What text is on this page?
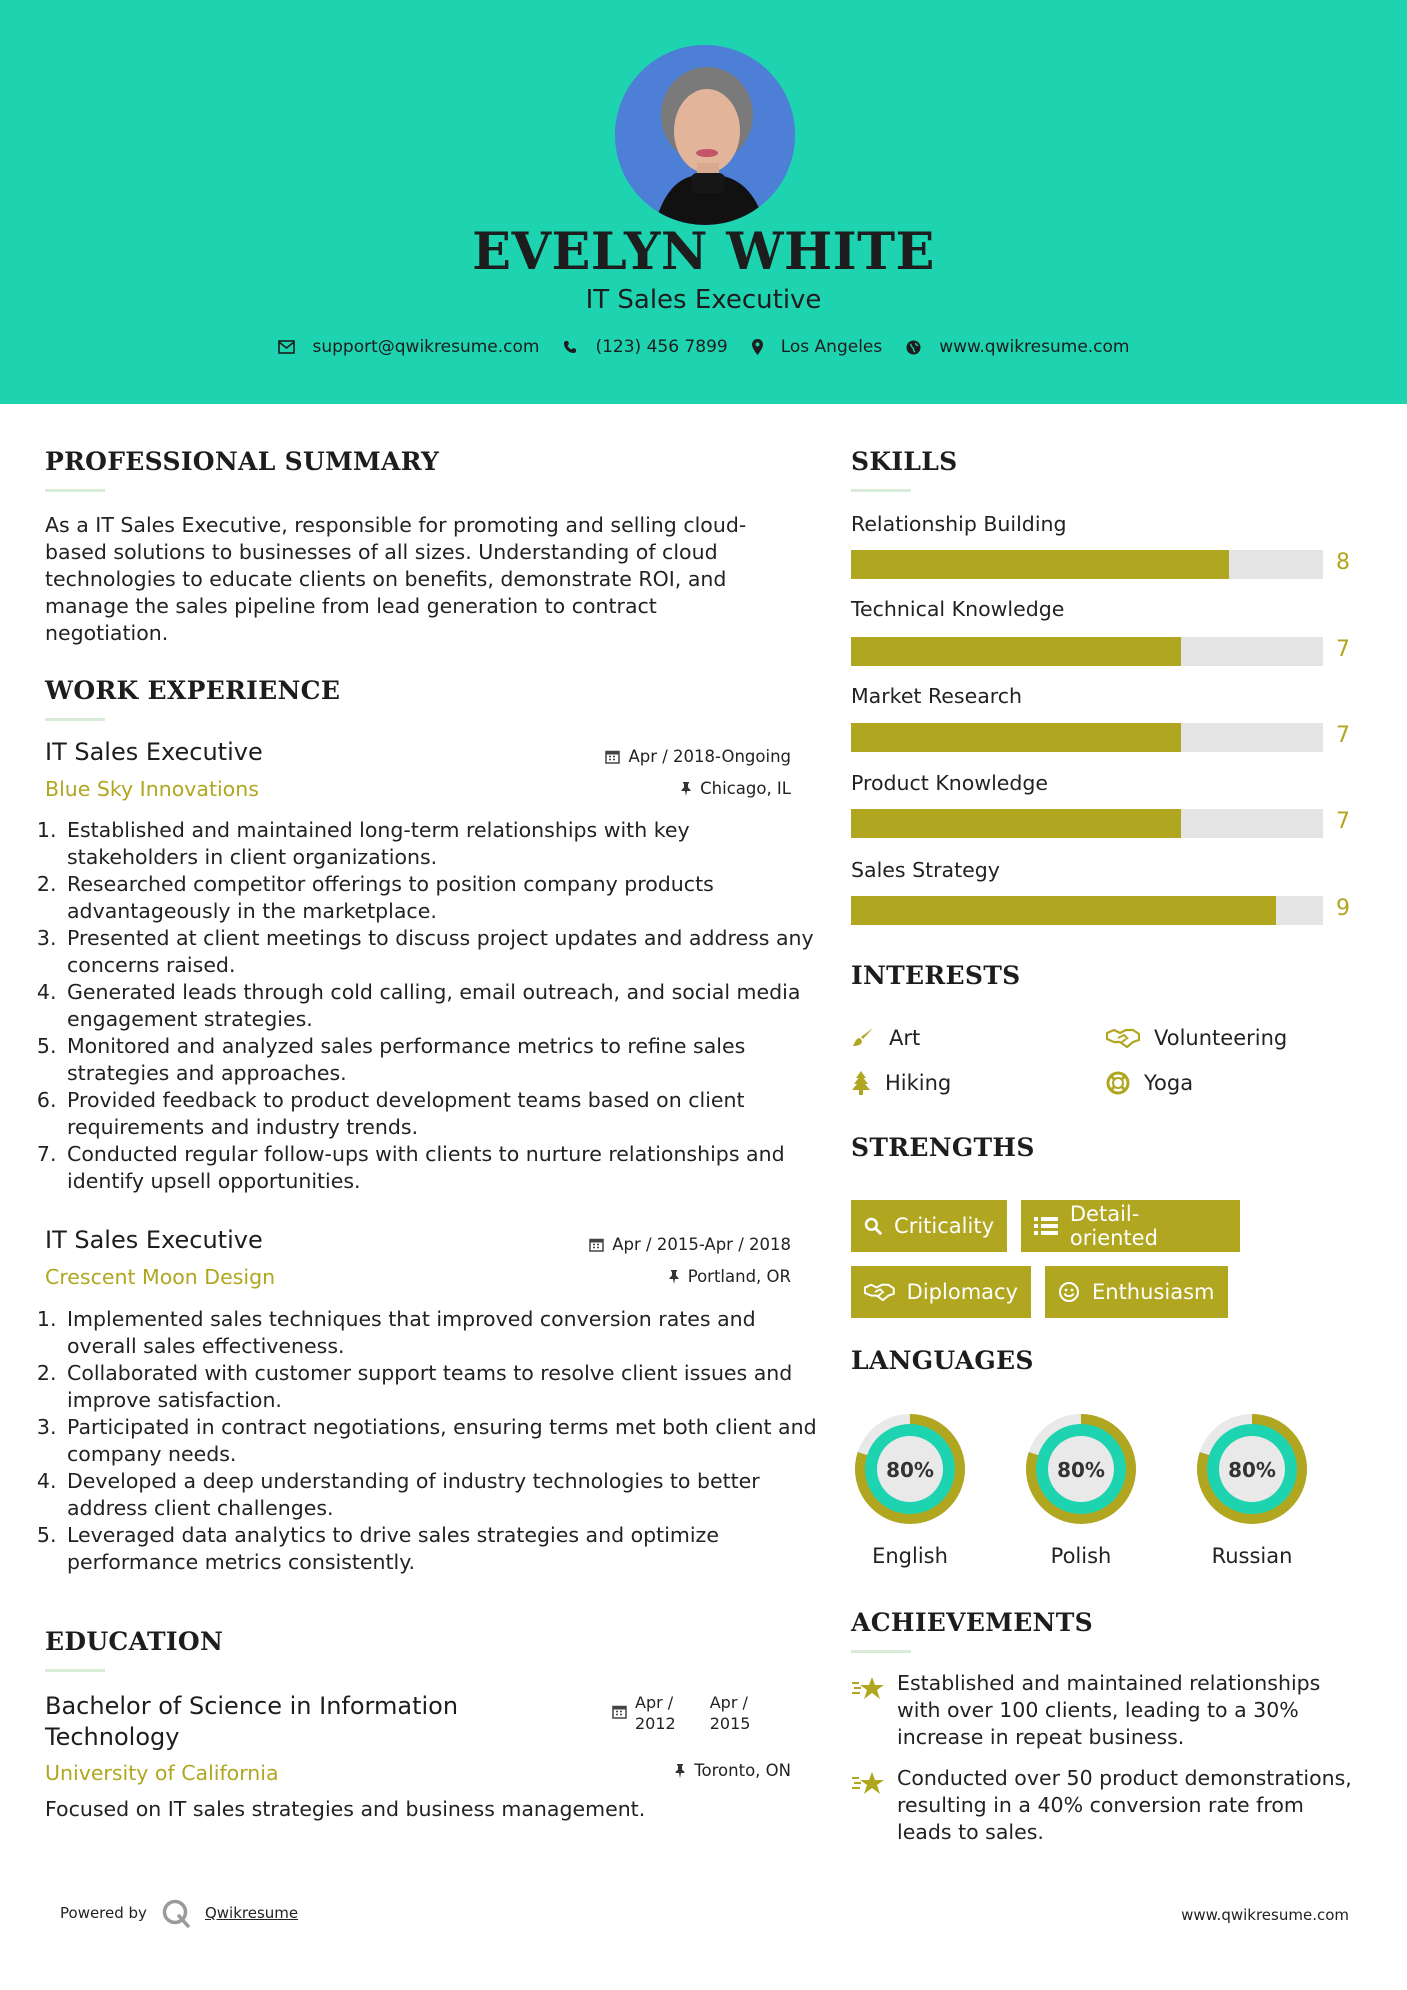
EVELYN WHITE
IT Sales Executive
support@qwikresume.com	(123) 456 7899	Los Angeles	www.qwikresume.com
PROFESSIONAL SUMMARY
As a IT Sales Executive, responsible for promoting and selling cloud-
based solutions to businesses of all sizes. Understanding of cloud
technologies to educate clients on benefits, demonstrate ROI, and
manage the sales pipeline from lead generation to contract
negotiation.
WORK EXPERIENCE
IT Sales Executive
Blue Sky Innovations
Apr / 2018-Ongoing
Chicago, IL
1. Established and maintained long-term relationships with key stakeholders in client organizations.
2. Researched competitor offerings to position company products advantageously in the marketplace.
3. Presented at client meetings to discuss project updates and address any concerns raised.
4. Generated leads through cold calling, email outreach, and social media engagement strategies.
5. Monitored and analyzed sales performance metrics to refine sales strategies and approaches.
6. Provided feedback to product development teams based on client requirements and industry trends.
7. Conducted regular follow-ups with clients to nurture relationships and identify upsell opportunities.
IT Sales Executive
Crescent Moon Design
Apr / 2015-Apr / 2018
Portland, OR
1. Implemented sales techniques that improved conversion rates and overall sales effectiveness.
2. Collaborated with customer support teams to resolve client issues and improve satisfaction.
3. Participated in contract negotiations, ensuring terms met both client and company needs.
4. Developed a deep understanding of industry technologies to better address client challenges.
5. Leveraged data analytics to drive sales strategies and optimize performance metrics consistently.
EDUCATION
Bachelor of Science in Information
Technology
Apr /
2012
Apr /
2015
University of California	Toronto, ON
Focused on IT sales strategies and business management.
SKILLS
Relationship Building
8
Technical Knowledge
7
Market Research
7
Product Knowledge
7
Sales Strategy
9
INTERESTS
Art	Volunteering
Hiking	Yoga
STRENGTHS
Criticality	Detail-oriented
Diplomacy	Enthusiasm
LANGUAGES
80%
English
80%
Polish
80%
Russian
ACHIEVEMENTS
Established and maintained relationships
with over 100 clients, leading to a 30%
increase in repeat business.
Conducted over 50 product demonstrations,
resulting in a 40% conversion rate from
leads to sales.
Powered by	Qwikresume	www.qwikresume.com
